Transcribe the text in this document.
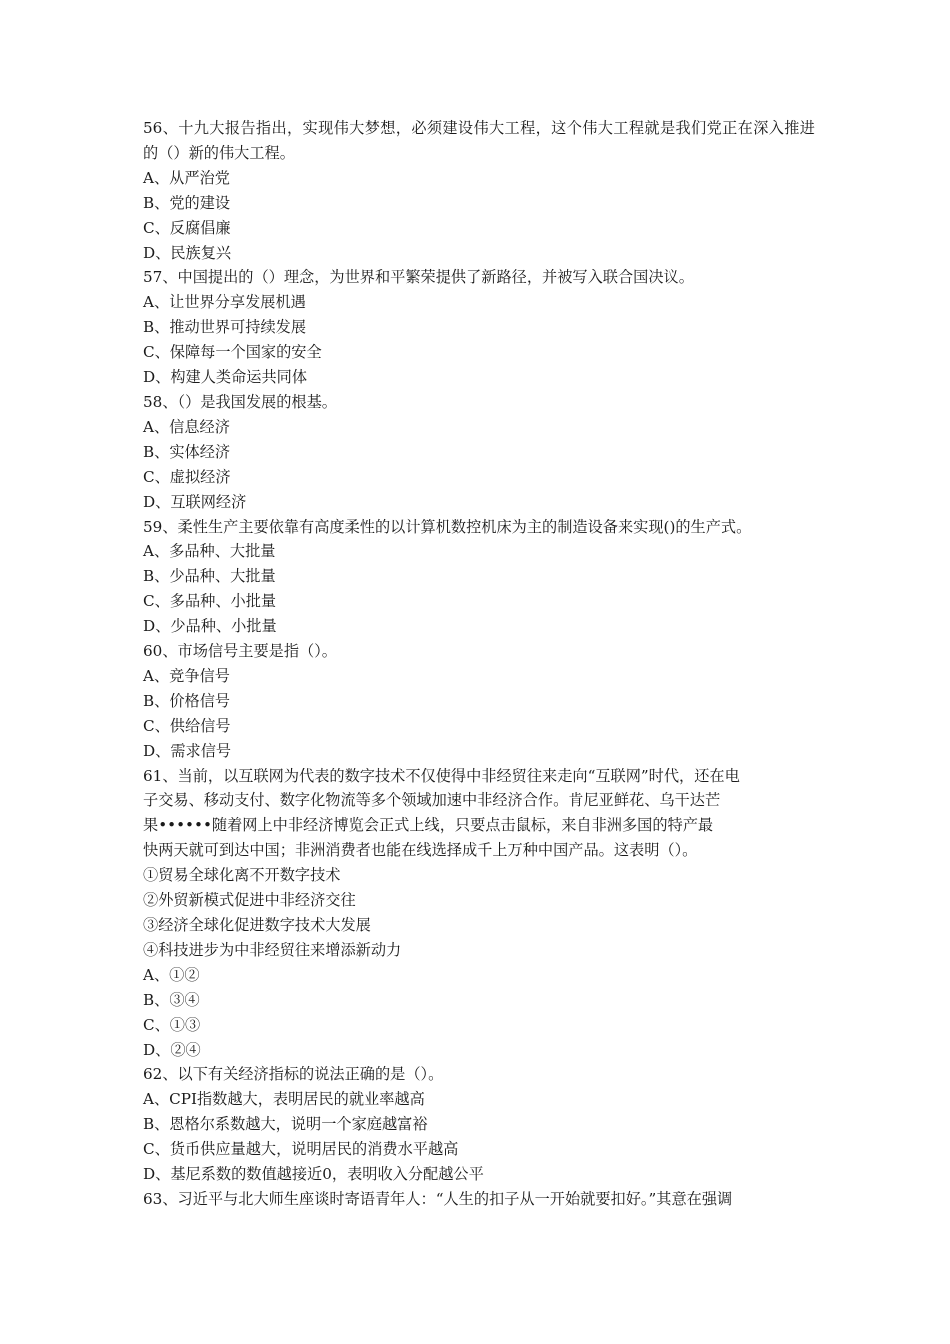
56、十九大报告指出，实现伟大梦想，必须建设伟大工程，这个伟大工程就是我们党正在深入推进的（）新的伟大工程。
A、从严治党
B、党的建设
C、反腐倡廉
D、民族复兴
57、中国提出的（）理念，为世界和平繁荣提供了新路径，并被写入联合国决议。
A、让世界分享发展机遇
B、推动世界可持续发展
C、保障每一个国家的安全
D、构建人类命运共同体
58、（）是我国发展的根基。
A、信息经济
B、实体经济
C、虚拟经济
D、互联网经济
59、柔性生产主要依靠有高度柔性的以计算机数控机床为主的制造设备来实现()的生产式。
A、多品种、大批量
B、少品种、大批量
C、多品种、小批量
D、少品种、小批量
60、市场信号主要是指（）。
A、竞争信号
B、价格信号
C、供给信号
D、需求信号
61、当前，以互联网为代表的数字技术不仅使得中非经贸往来走向“互联网”时代，还在电
子交易、移动支付、数字化物流等多个领域加速中非经济合作。肯尼亚鲜花、乌干达芒
果••••••随着网上中非经济博览会正式上线，只要点击鼠标，来自非洲多国的特产最
快两天就可到达中国；非洲消费者也能在线选择成千上万种中国产品。这表明（）。
①贸易全球化离不开数字技术
②外贸新模式促进中非经济交往
③经济全球化促进数字技术大发展
④科技进步为中非经贸往来增添新动力
A、①②
B、③④
C、①③
D、②④
62、以下有关经济指标的说法正确的是（）。
A、CPI指数越大，表明居民的就业率越高
B、恩格尔系数越大，说明一个家庭越富裕
C、货币供应量越大，说明居民的消费水平越高
D、基尼系数的数值越接近0，表明收入分配越公平
63、习近平与北大师生座谈时寄语青年人：“人生的扣子从一开始就要扣好。”其意在强调
